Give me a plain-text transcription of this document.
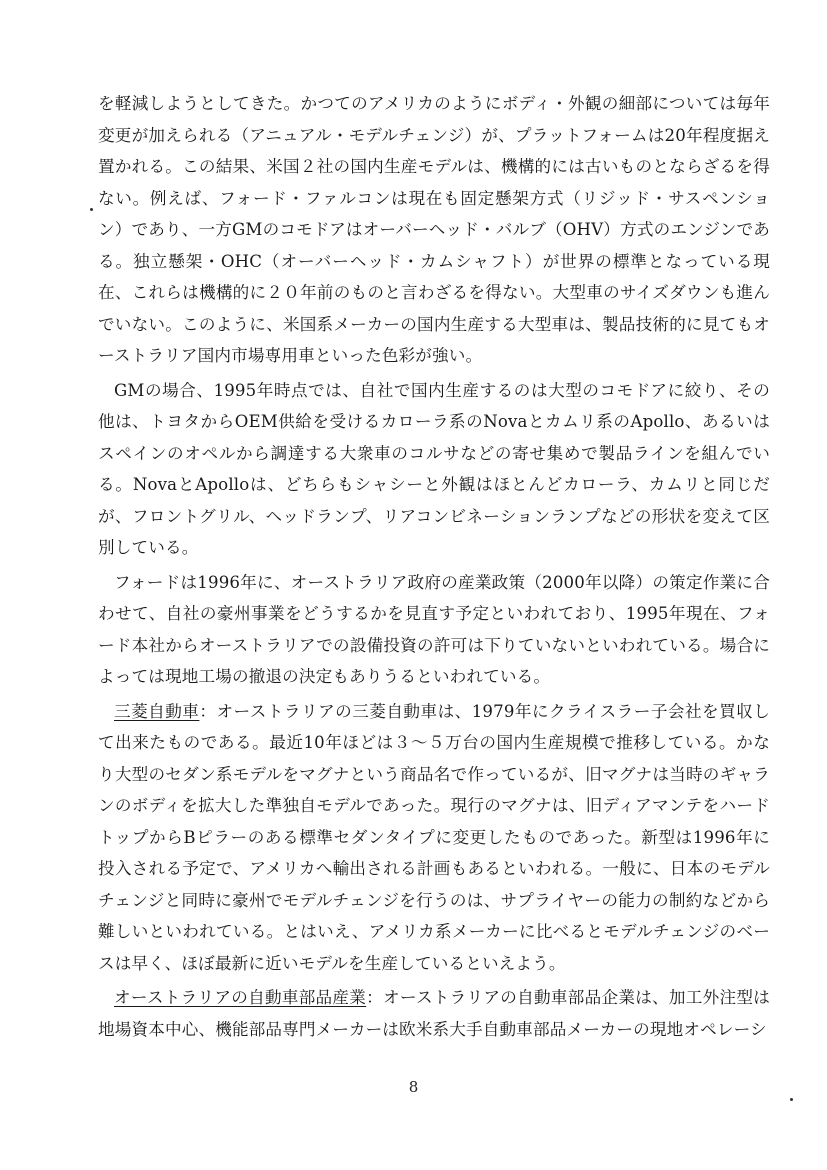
を軽減しようとしてきた。かつてのアメリカのようにボディ・外観の細部については毎年変更が加えられる（アニュアル・モデルチェンジ）が、プラットフォームは20年程度据え置かれる。この結果、米国２社の国内生産モデルは、機構的には古いものとならざるを得ない。例えば、フォード・ファルコンは現在も固定懸架方式（リジッド・サスペンション）であり、一方GMのコモドアはオーバーヘッド・バルブ（OHV）方式のエンジンである。独立懸架・OHC（オーバーヘッド・カムシャフト）が世界の標準となっている現在、これらは機構的に２０年前のものと言わざるを得ない。大型車のサイズダウンも進んでいない。このように、米国系メーカーの国内生産する大型車は、製品技術的に見てもオーストラリア国内市場専用車といった色彩が強い。

GMの場合、1995年時点では、自社で国内生産するのは大型のコモドアに絞り、その他は、トヨタからOEM供給を受けるカローラ系のNovaとカムリ系のApollo、あるいはスペインのオペルから調達する大衆車のコルサなどの寄せ集めで製品ラインを組んでいる。NovaとApolloは、どちらもシャシーと外観はほとんどカローラ、カムリと同じだが、フロントグリル、ヘッドランプ、リアコンビネーションランプなどの形状を変えて区別している。

フォードは1996年に、オーストラリア政府の産業政策（2000年以降）の策定作業に合わせて、自社の豪州事業をどうするかを見直す予定といわれており、1995年現在、フォード本社からオーストラリアでの設備投資の許可は下りていないといわれている。場合によっては現地工場の撤退の決定もありうるといわれている。

三菱自動車：オーストラリアの三菱自動車は、1979年にクライスラー子会社を買収して出来たものである。最近10年ほどは３～５万台の国内生産規模で推移している。かなり大型のセダン系モデルをマグナという商品名で作っているが、旧マグナは当時のギャランのボディを拡大した準独自モデルであった。現行のマグナは、旧ディアマンテをハードトップからBピラーのある標準セダンタイプに変更したものであった。新型は1996年に投入される予定で、アメリカへ輸出される計画もあるといわれる。一般に、日本のモデルチェンジと同時に豪州でモデルチェンジを行うのは、サプライヤーの能力の制約などから難しいといわれている。とはいえ、アメリカ系メーカーに比べるとモデルチェンジのベースは早く、ほぼ最新に近いモデルを生産しているといえよう。

オーストラリアの自動車部品産業：オーストラリアの自動車部品企業は、加工外注型は地場資本中心、機能部品専門メーカーは欧米系大手自動車部品メーカーの現地オペレーシ

8
